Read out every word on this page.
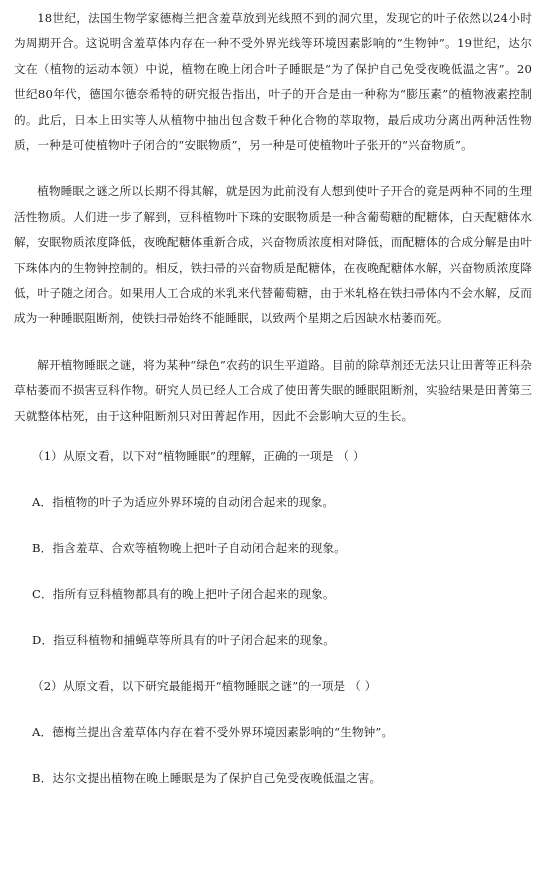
18世纪，法国生物学家德梅兰把含羞草放到光线照不到的洞穴里，发现它的叶子依然以24小时为周期开合。这说明含羞草体内存在一种不受外界光线等环境因素影响的“生物钟”。19世纪，达尔文在（植物的运动本领）中说，植物在晚上闭合叶子睡眠是“为了保护自己免受夜晚低温之害”。20世纪80年代，德国尔德奈希特的研究报告指出，叶子的开合是由一种称为“膨压素”的植物液素控制的。此后，日本上田实等人从植物中抽出包含数千种化合物的萃取物，最后成功分离出两种活性物质，一种是可使植物叶子闭合的“安眠物质”，另一种是可使植物叶子张开的“兴奋物质”。

植物睡眠之谜之所以长期不得其解，就是因为此前没有人想到使叶子开合的竟是两种不同的生理活性物质。人们进一步了解到，豆科植物叶下珠的安眠物质是一种含葡萄糖的配糖体，白天配糖体水解，安眠物质浓度降低，夜晚配糖体重新合成，兴奋物质浓度相对降低，而配糖体的合成分解是由叶下珠体内的生物钟控制的。相反，铁扫帚的兴奋物质是配糖体，在夜晚配糖体水解，兴奋物质浓度降低，叶子随之闭合。如果用人工合成的米乳来代替葡萄糖，由于米轧格在铁扫帚体内不会水解，反而成为一种睡眠阻断剂，使铁扫帚始终不能睡眠，以致两个星期之后因缺水枯萎而死。

解开植物睡眠之谜，将为某种“绿色”农药的识生平道路。目前的除草剂还无法只让田菁等正科杂草枯萎而不损害豆科作物。研究人员已经人工合成了使田菁失眠的睡眠阻断剂，实验结果是田菁第三天就整体枯死，由于这种阻断剂只对田菁起作用，因此不会影响大豆的生长。

（1）从原文看，以下对“植物睡眠”的理解，正确的一项是 （ ）

A．指植物的叶子为适应外界环境的自动闭合起来的现象。

B．指含羞草、合欢等植物晚上把叶子自动闭合起来的现象。

C．指所有豆科植物都具有的晚上把叶子闭合起来的现象。

D．指豆科植物和捕蝇草等所具有的叶子闭合起来的现象。

（2）从原文看，以下研究最能揭开“植物睡眠之谜”的一项是 （ ）

A．德梅兰提出含羞草体内存在着不受外界环境因素影响的“生物钟”。

B．达尔文提出植物在晚上睡眠是为了保护自己免受夜晚低温之害。
